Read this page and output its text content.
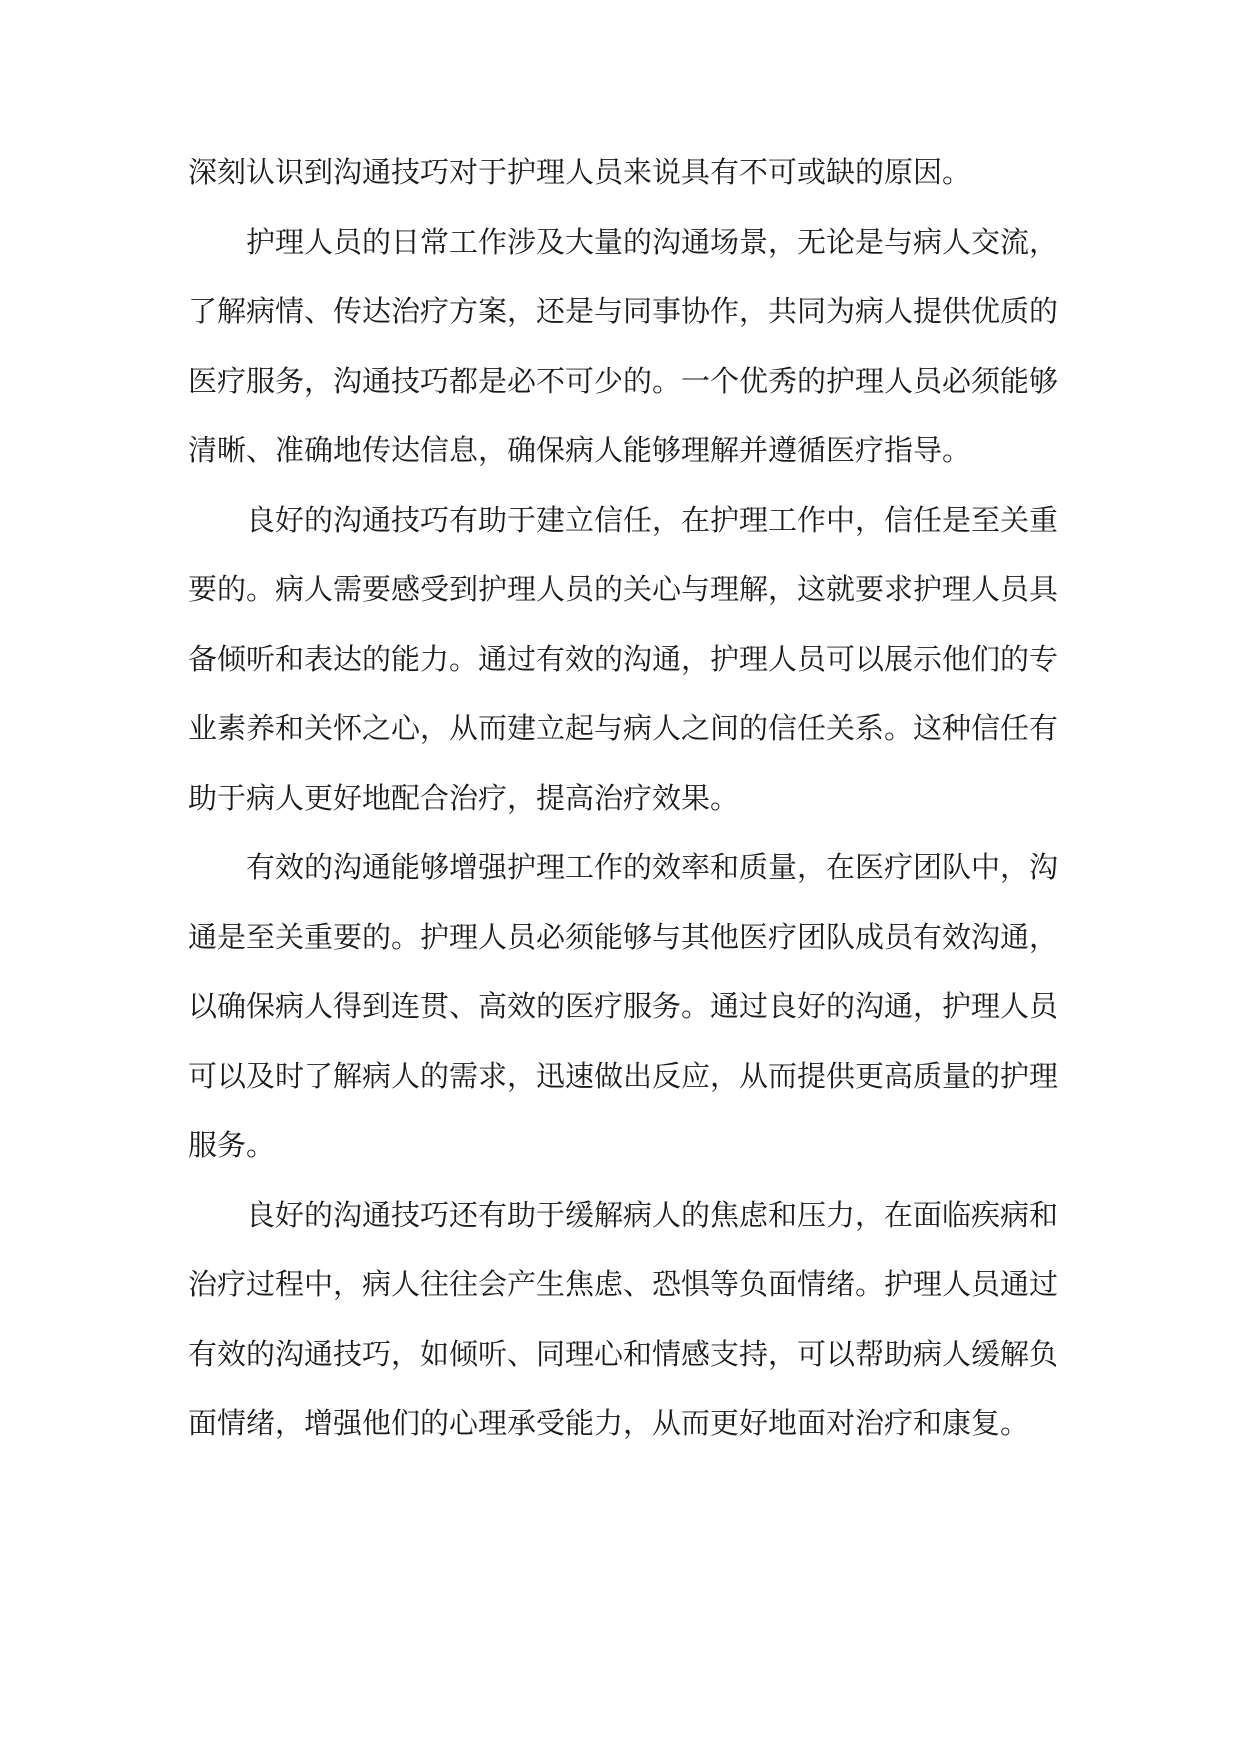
深刻认识到沟通技巧对于护理人员来说具有不可或缺的原因。

护理人员的日常工作涉及大量的沟通场景，无论是与病人交流，了解病情、传达治疗方案，还是与同事协作，共同为病人提供优质的医疗服务，沟通技巧都是必不可少的。一个优秀的护理人员必须能够清晰、准确地传达信息，确保病人能够理解并遵循医疗指导。

良好的沟通技巧有助于建立信任，在护理工作中，信任是至关重要的。病人需要感受到护理人员的关心与理解，这就要求护理人员具备倾听和表达的能力。通过有效的沟通，护理人员可以展示他们的专业素养和关怀之心，从而建立起与病人之间的信任关系。这种信任有助于病人更好地配合治疗，提高治疗效果。

有效的沟通能够增强护理工作的效率和质量，在医疗团队中，沟通是至关重要的。护理人员必须能够与其他医疗团队成员有效沟通，以确保病人得到连贯、高效的医疗服务。通过良好的沟通，护理人员可以及时了解病人的需求，迅速做出反应，从而提供更高质量的护理服务。

良好的沟通技巧还有助于缓解病人的焦虑和压力，在面临疾病和治疗过程中，病人往往会产生焦虑、恐惧等负面情绪。护理人员通过有效的沟通技巧，如倾听、同理心和情感支持，可以帮助病人缓解负面情绪，增强他们的心理承受能力，从而更好地面对治疗和康复。
